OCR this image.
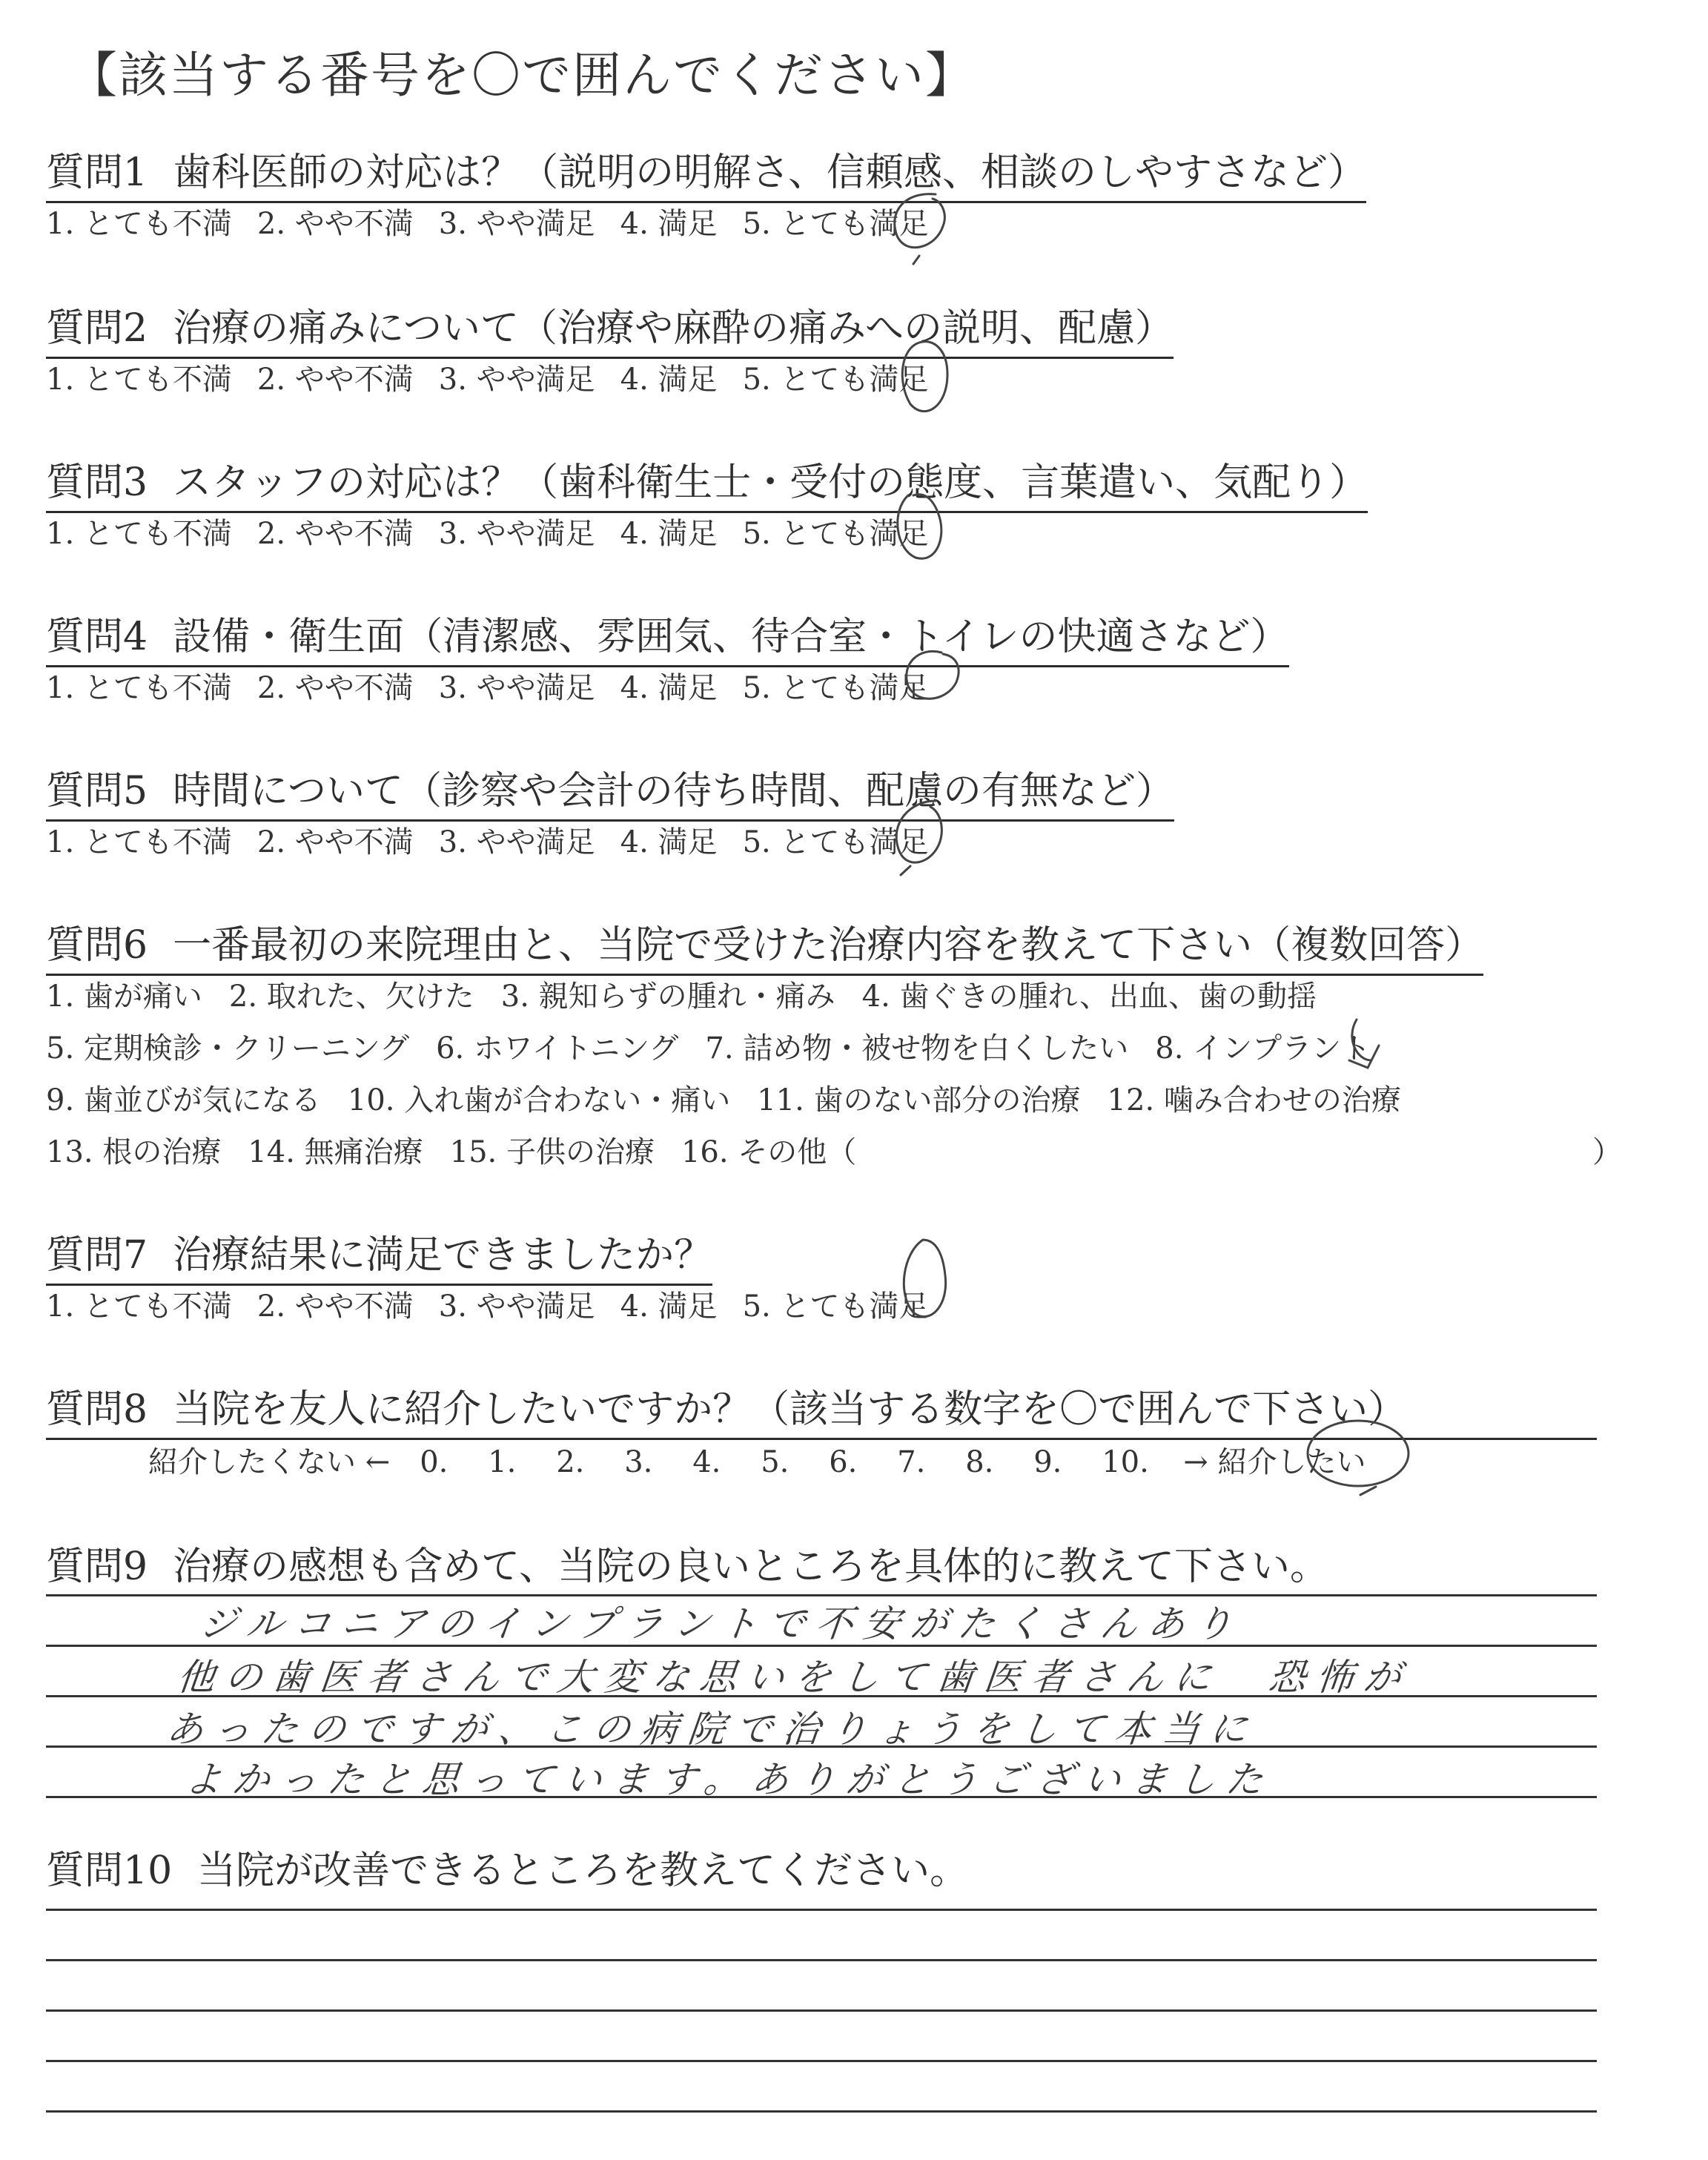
【該当する番号を〇で囲んでください】
質問1 歯科医師の対応は？（説明の明解さ、信頼感、相談のしやすさなど）
1. とても不満 2. やや不満 3. やや満足 4. 満足 5. とても満足
質問2 治療の痛みについて（治療や麻酔の痛みへの説明、配慮）
1. とても不満 2. やや不満 3. やや満足 4. 満足 5. とても満足
質問3 スタッフの対応は？（歯科衛生士・受付の態度、言葉遣い、気配り）
1. とても不満 2. やや不満 3. やや満足 4. 満足 5. とても満足
質問4 設備・衛生面（清潔感、雰囲気、待合室・トイレの快適さなど）
1. とても不満 2. やや不満 3. やや満足 4. 満足 5. とても満足
質問5 時間について（診察や会計の待ち時間、配慮の有無など）
1. とても不満 2. やや不満 3. やや満足 4. 満足 5. とても満足
質問6 一番最初の来院理由と、当院で受けた治療内容を教えて下さい（複数回答）
1. 歯が痛い 2. 取れた、欠けた 3. 親知らずの腫れ・痛み 4. 歯ぐきの腫れ、出血、歯の動揺
5. 定期検診・クリーニング 6. ホワイトニング 7. 詰め物・被せ物を白くしたい 8. インプラント
9. 歯並びが気になる 10. 入れ歯が合わない・痛い 11. 歯のない部分の治療 12. 噛み合わせの治療
13. 根の治療 14. 無痛治療 15. 子供の治療 16. その他（	）
質問7 治療結果に満足できましたか？
1. とても不満 2. やや不満 3. やや満足 4. 満足 5. とても満足
質問8 当院を友人に紹介したいですか？（該当する数字を〇で囲んで下さい）
紹介したくない ← 0. 1. 2. 3. 4. 5. 6. 7. 8. 9. 10. → 紹介したい
質問9 治療の感想も含めて、当院の良いところを具体的に教えて下さい。
ジルコニアのインプラントで不安がたくさんあり
他の歯医者さんで大変な思いをして歯医者さんに　恐怖が
あったのですが、この病院で治りょうをして本当に
よかったと思っています。ありがとうございました
質問10 当院が改善できるところを教えてください。
